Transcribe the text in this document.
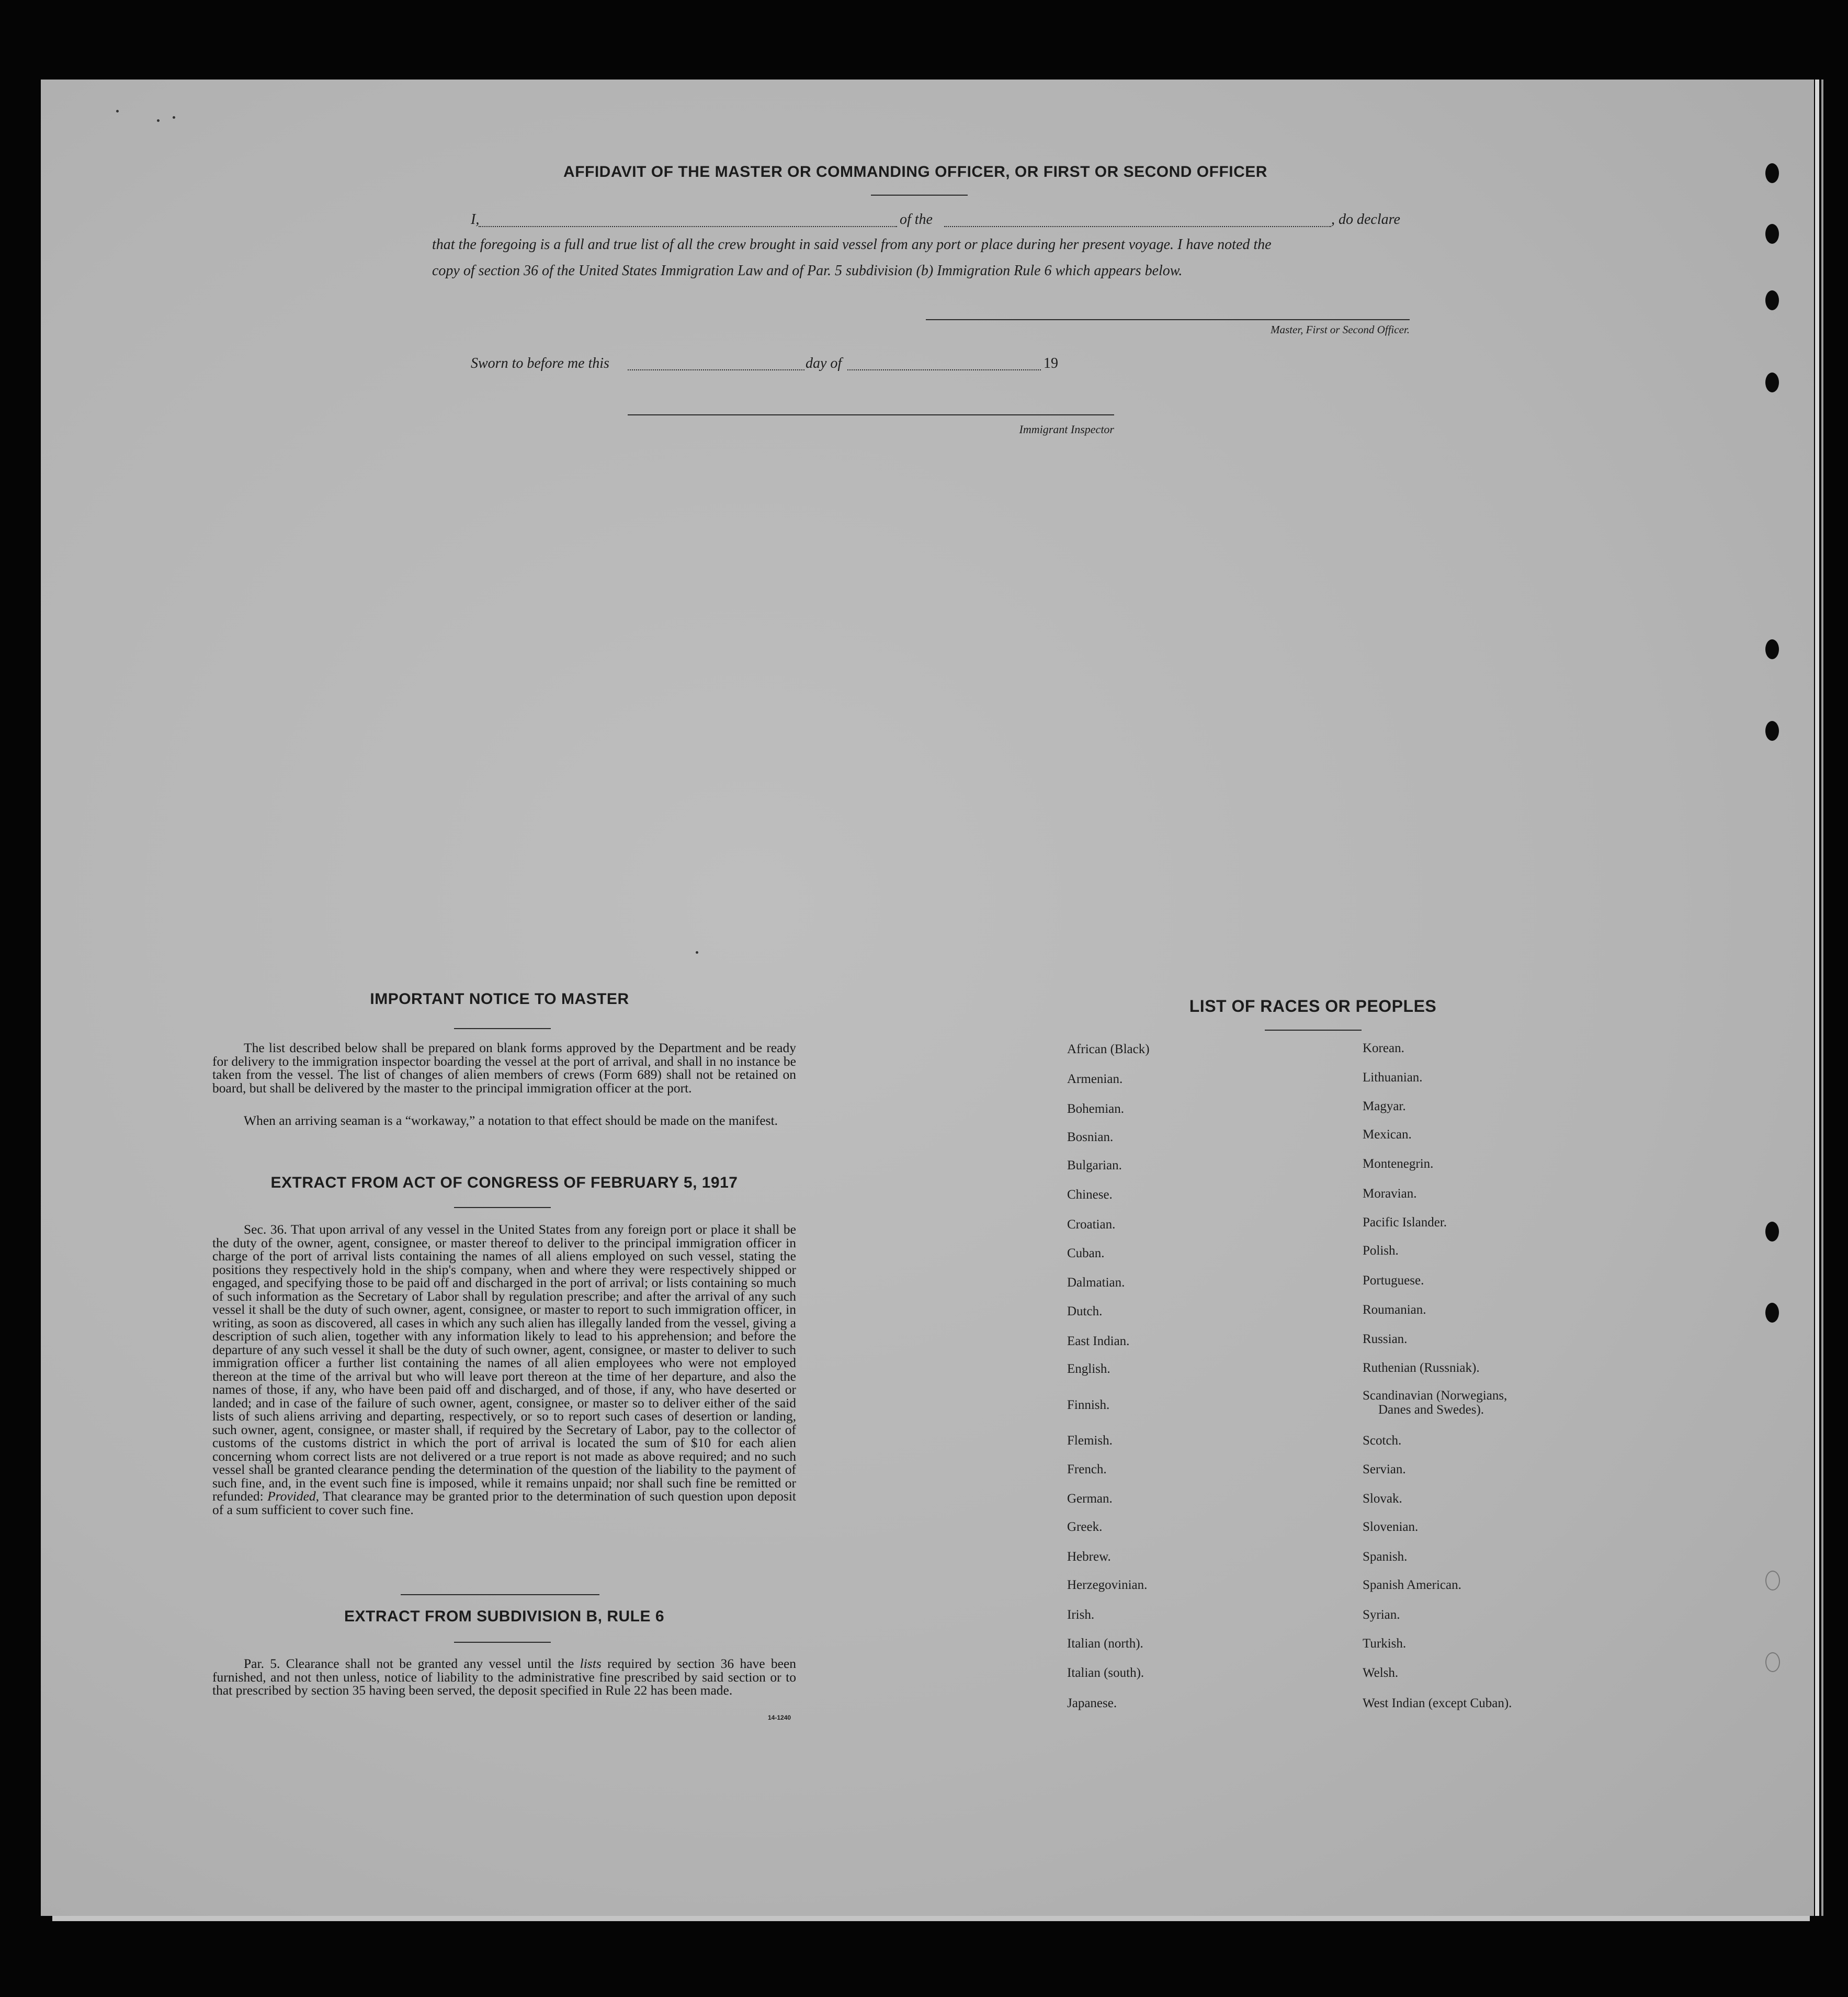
AFFIDAVIT OF THE MASTER OR COMMANDING OFFICER, OR FIRST OR SECOND OFFICER
I,	of the	, do declare
that the foregoing is a full and true list of all the crew brought in said vessel from any port or place during her present voyage. I have noted the
copy of section 36 of the United States Immigration Law and of Par. 5 subdivision (b) Immigration Rule 6 which appears below.
Master, First or Second Officer.
Sworn to before me this	day of	19
Immigrant Inspector
IMPORTANT NOTICE TO MASTER
The list described below shall be prepared on blank forms approved by the Department and be ready for delivery to the immigration inspector boarding the vessel at the port of arrival, and shall in no instance be taken from the vessel. The list of changes of alien members of crews (Form 689) shall not be retained on board, but shall be delivered by the master to the principal immigration officer at the port.
When an arriving seaman is a “workaway,” a notation to that effect should be made on the manifest.
EXTRACT FROM ACT OF CONGRESS OF FEBRUARY 5, 1917
Sec. 36. That upon arrival of any vessel in the United States from any foreign port or place it shall be the duty of the owner, agent, consignee, or master thereof to deliver to the principal immigration officer in charge of the port of arrival lists containing the names of all aliens employed on such vessel, stating the positions they respectively hold in the ship's company, when and where they were respectively shipped or engaged, and specifying those to be paid off and discharged in the port of arrival; or lists containing so much of such information as the Secretary of Labor shall by regulation prescribe; and after the arrival of any such vessel it shall be the duty of such owner, agent, consignee, or master to report to such immigration officer, in writing, as soon as discovered, all cases in which any such alien has illegally landed from the vessel, giving a description of such alien, together with any information likely to lead to his apprehension; and before the departure of any such vessel it shall be the duty of such owner, agent, consignee, or master to deliver to such immigration officer a further list containing the names of all alien employees who were not employed thereon at the time of the arrival but who will leave port thereon at the time of her departure, and also the names of those, if any, who have been paid off and discharged, and of those, if any, who have deserted or landed; and in case of the failure of such owner, agent, consignee, or master so to deliver either of the said lists of such aliens arriving and departing, respectively, or so to report such cases of desertion or landing, such owner, agent, consignee, or master shall, if required by the Secretary of Labor, pay to the collector of customs of the customs district in which the port of arrival is located the sum of $10 for each alien concerning whom correct lists are not delivered or a true report is not made as above required; and no such vessel shall be granted clearance pending the determination of the question of the liability to the payment of such fine, and, in the event such fine is imposed, while it remains unpaid; nor shall such fine be remitted or refunded: Provided, That clearance may be granted prior to the determination of such question upon deposit of a sum sufficient to cover such fine.
EXTRACT FROM SUBDIVISION B, RULE 6
Par. 5. Clearance shall not be granted any vessel until the lists required by section 36 have been furnished, and not then unless, notice of liability to the administrative fine prescribed by said section or to that prescribed by section 35 having been served, the deposit specified in Rule 22 has been made.
14-1240
LIST OF RACES OR PEOPLES
African (Black)
Armenian.
Bohemian.
Bosnian.
Bulgarian.
Chinese.
Croatian.
Cuban.
Dalmatian.
Dutch.
East Indian.
English.
Finnish.
Flemish.
French.
German.
Greek.
Hebrew.
Herzegovinian.
Irish.
Italian (north).
Italian (south).
Japanese.
Korean.
Lithuanian.
Magyar.
Mexican.
Montenegrin.
Moravian.
Pacific Islander.
Polish.
Portuguese.
Roumanian.
Russian.
Ruthenian (Russniak).
Scandinavian (Norwegians,
Scotch.
Servian.
Slovak.
Slovenian.
Spanish.
Spanish American.
Syrian.
Turkish.
Welsh.
West Indian (except Cuban).
Danes and Swedes).
